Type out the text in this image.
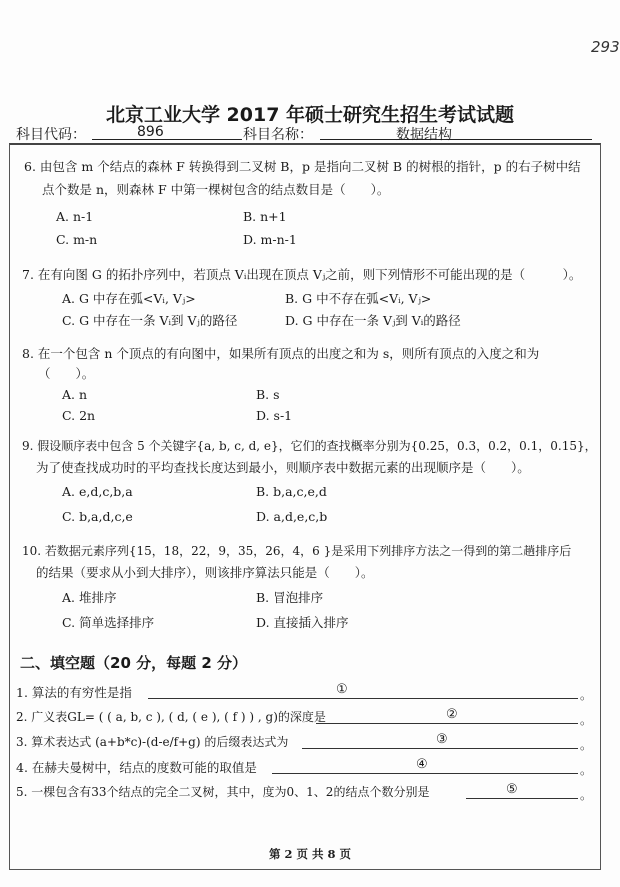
293
北京工业大学 2017 年硕士研究生招生考试试题
科目代码：	896	科目名称：	数据结构
6. 由包含 m 个结点的森林 F 转换得到二叉树 B，p 是指向二叉树 B 的树根的指针，p 的右子树中结
点个数是 n，则森林 F 中第一棵树包含的结点数目是（　　）。
A. n-1	B. n+1
C. m-n	D. m-n-1
7. 在有向图 G 的拓扑序列中，若顶点 Vᵢ出现在顶点 Vⱼ之前，则下列情形不可能出现的是（　　　）。
A. G 中存在弧<Vᵢ, Vⱼ>	B. G 中不存在弧<Vᵢ, Vⱼ>
C. G 中存在一条 Vᵢ到 Vⱼ的路径	D. G 中存在一条 Vⱼ到 Vᵢ的路径
8. 在一个包含 n 个顶点的有向图中，如果所有顶点的出度之和为 s，则所有顶点的入度之和为
（　　）。
A. n	B. s
C. 2n	D. s-1
9. 假设顺序表中包含 5 个关键字{a, b, c, d, e}，它们的查找概率分别为{0.25，0.3，0.2，0.1，0.15}，
为了使查找成功时的平均查找长度达到最小，则顺序表中数据元素的出现顺序是（　　）。
A. e,d,c,b,a	B. b,a,c,e,d
C. b,a,d,c,e	D. a,d,e,c,b
10. 若数据元素序列{15，18，22，9，35，26，4，6 }是采用下列排序方法之一得到的第二趟排序后
的结果（要求从小到大排序），则该排序算法只能是（　　）。
A. 堆排序	B. 冒泡排序
C. 简单选择排序	D. 直接插入排序
二、填空题（20 分，每题 2 分）
1. 算法的有穷性是指	①	。
2. 广义表GL= ( ( a, b, c ), ( d, ( e ), ( f ) ) , g)的深度是	②	。
3. 算术表达式 (a+b*c)-(d-e/f+g) 的后缀表达式为	③	。
4. 在赫夫曼树中，结点的度数可能的取值是	④	。
5. 一棵包含有33个结点的完全二叉树，其中，度为0、1、2的结点个数分别是	⑤	。
第 2 页 共 8 页
